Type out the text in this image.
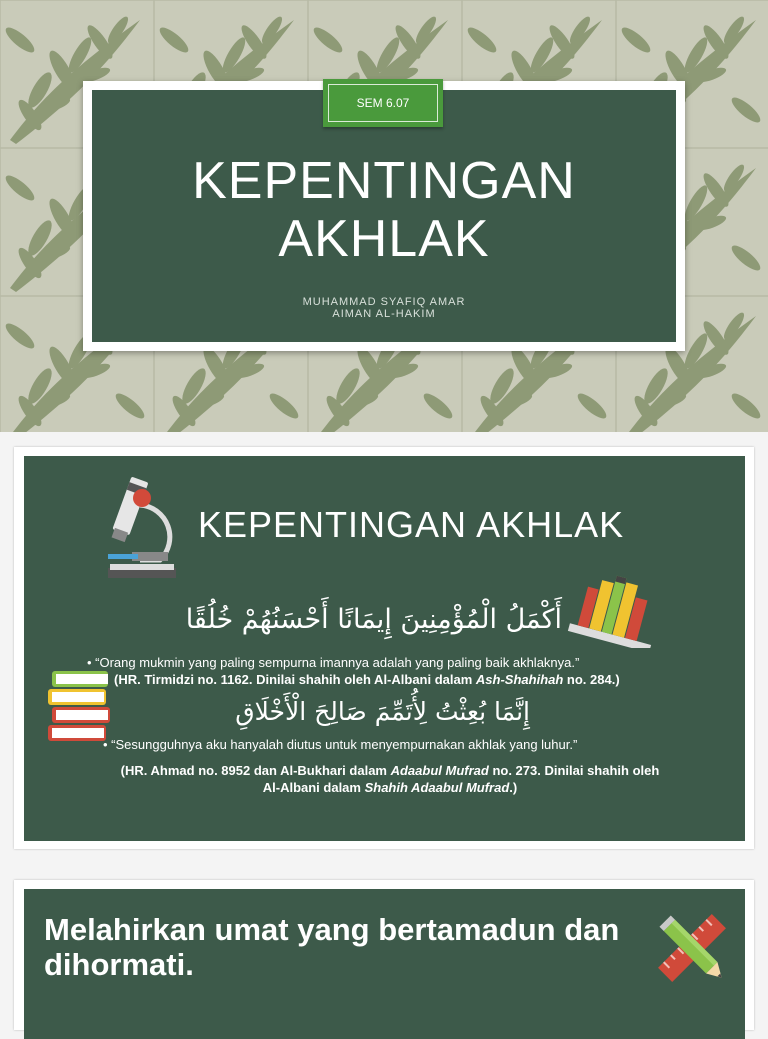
SEM 6.07
KEPENTINGAN
AKHLAK
MUHAMMAD SYAFIQ AMAR
AIMAN AL-HAKIM
KEPENTINGAN AKHLAK
أَكْمَلُ الْمُؤْمِنِينَ إِيمَانًا أَحْسَنُهُمْ خُلُقًا
• “Orang mukmin yang paling sempurna imannya adalah yang paling baik akhlaknya.”
(HR. Tirmidzi no. 1162. Dinilai shahih oleh Al-Albani dalam Ash-Shahihah no. 284.)
إِنَّمَا بُعِثْتُ لِأُتَمِّمَ صَالِحَ الْأَخْلَاقِ
• “Sesungguhnya aku hanyalah diutus untuk menyempurnakan akhlak yang luhur.”
(HR. Ahmad no. 8952 dan Al-Bukhari dalam Adaabul Mufrad no. 273. Dinilai shahih oleh
Al-Albani dalam Shahih Adaabul Mufrad.)
Melahirkan umat yang bertamadun dan dihormati.
